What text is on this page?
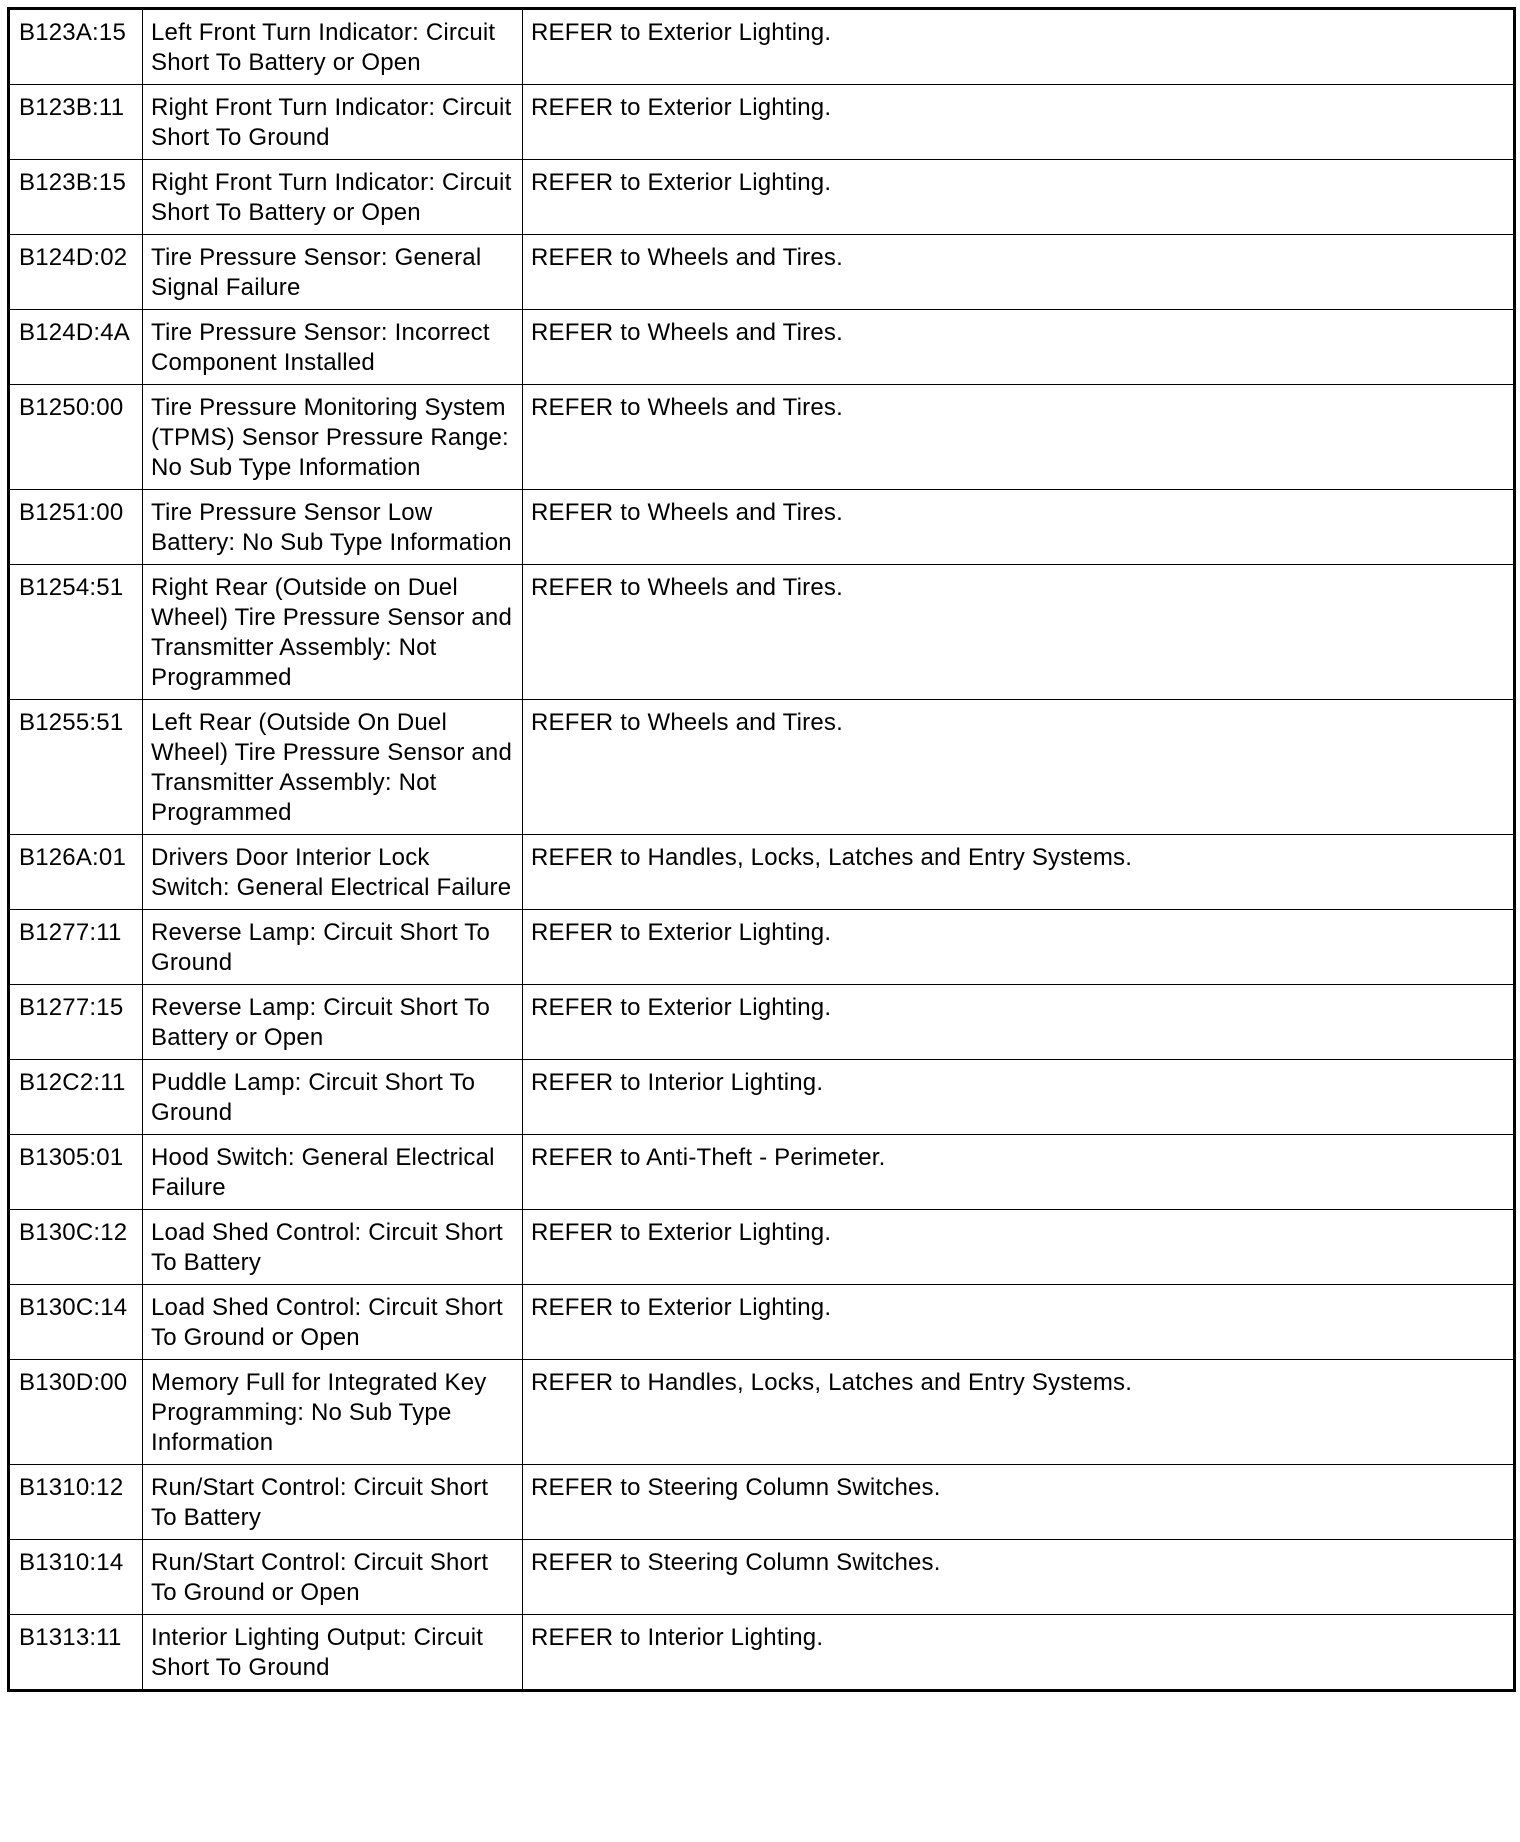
B123A:15	Left Front Turn Indicator: Circuit Short To Battery or Open	REFER to Exterior Lighting.
B123B:11	Right Front Turn Indicator: Circuit Short To Ground	REFER to Exterior Lighting.
B123B:15	Right Front Turn Indicator: Circuit Short To Battery or Open	REFER to Exterior Lighting.
B124D:02	Tire Pressure Sensor: General Signal Failure	REFER to Wheels and Tires.
B124D:4A	Tire Pressure Sensor: Incorrect Component Installed	REFER to Wheels and Tires.
B1250:00	Tire Pressure Monitoring System (TPMS) Sensor Pressure Range: No Sub Type Information	REFER to Wheels and Tires.
B1251:00	Tire Pressure Sensor Low Battery: No Sub Type Information	REFER to Wheels and Tires.
B1254:51	Right Rear (Outside on Duel Wheel) Tire Pressure Sensor and Transmitter Assembly: Not Programmed	REFER to Wheels and Tires.
B1255:51	Left Rear (Outside On Duel Wheel) Tire Pressure Sensor and Transmitter Assembly: Not Programmed	REFER to Wheels and Tires.
B126A:01	Drivers Door Interior Lock Switch: General Electrical Failure	REFER to Handles, Locks, Latches and Entry Systems.
B1277:11	Reverse Lamp: Circuit Short To Ground	REFER to Exterior Lighting.
B1277:15	Reverse Lamp: Circuit Short To Battery or Open	REFER to Exterior Lighting.
B12C2:11	Puddle Lamp: Circuit Short To Ground	REFER to Interior Lighting.
B1305:01	Hood Switch: General Electrical Failure	REFER to Anti-Theft - Perimeter.
B130C:12	Load Shed Control: Circuit Short To Battery	REFER to Exterior Lighting.
B130C:14	Load Shed Control: Circuit Short To Ground or Open	REFER to Exterior Lighting.
B130D:00	Memory Full for Integrated Key Programming: No Sub Type Information	REFER to Handles, Locks, Latches and Entry Systems.
B1310:12	Run/Start Control: Circuit Short To Battery	REFER to Steering Column Switches.
B1310:14	Run/Start Control: Circuit Short To Ground or Open	REFER to Steering Column Switches.
B1313:11	Interior Lighting Output: Circuit Short To Ground	REFER to Interior Lighting.
